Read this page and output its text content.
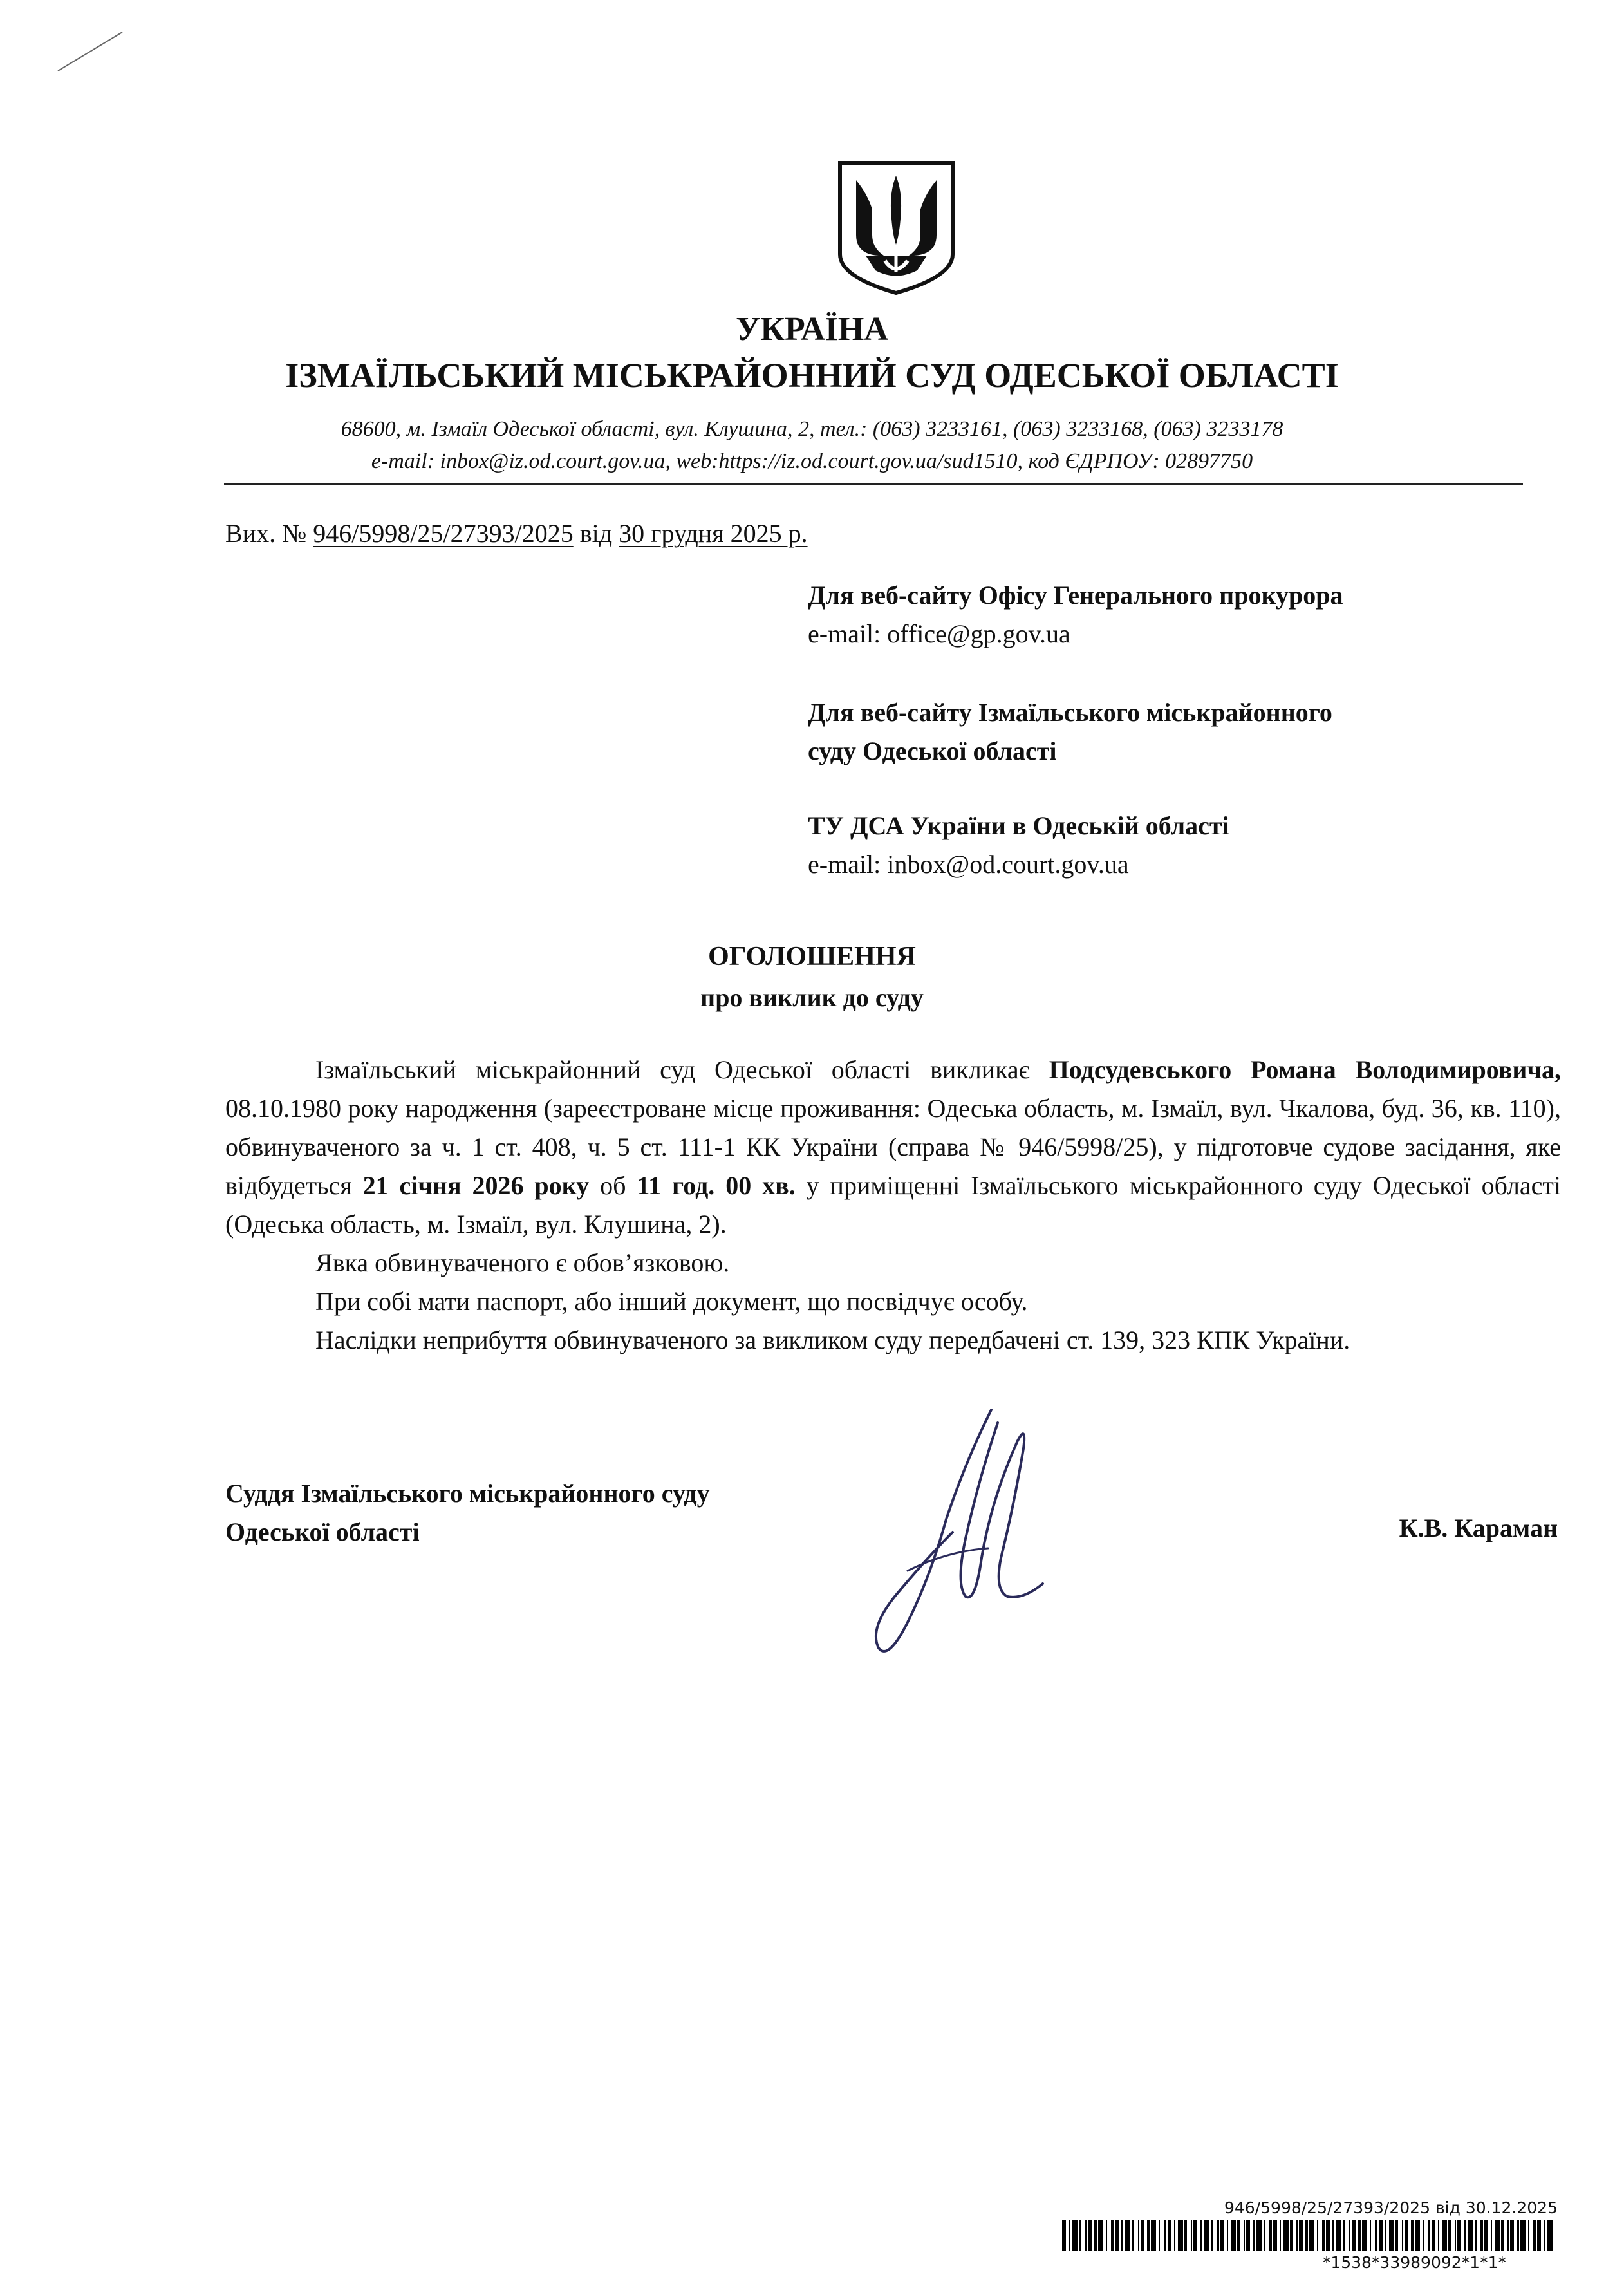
УКРАЇНА
ІЗМАЇЛЬСЬКИЙ МІСЬКРАЙОННИЙ СУД ОДЕСЬКОЇ ОБЛАСТІ
68600, м. Ізмаїл Одеської області, вул. Клушина, 2, тел.: (063) 3233161, (063) 3233168, (063) 3233178
e-mail: inbox@iz.od.court.gov.ua, web:https://iz.od.court.gov.ua/sud1510, код ЄДРПОУ: 02897750
Вих. № 946/5998/25/27393/2025 від 30 грудня 2025 р.
Для веб-сайту Офісу Генерального прокурора
e-mail: office@gp.gov.ua
Для веб-сайту Ізмаїльського міськрайонного
суду Одеської області
ТУ ДСА України в Одеській області
e-mail: inbox@od.court.gov.ua
ОГОЛОШЕННЯ
про виклик до суду

Ізмаїльський міськрайонний суд Одеської області викликає Подсудевського Романа Володимировича, 08.10.1980 року народження (зареєстроване місце проживання: Одеська область, м. Ізмаїл, вул. Чкалова, буд. 36, кв. 110), обвинуваченого за ч. 1 ст. 408, ч. 5 ст. 111-1 КК України (справа № 946/5998/25), у підготовче судове засідання, яке відбудеться 21 січня 2026 року об 11 год. 00 хв. у приміщенні Ізмаїльського міськрайонного суду Одеської області (Одеська область, м. Ізмаїл, вул. Клушина, 2).

Явка обвинуваченого є обов’язковою.

При собі мати паспорт, або інший документ, що посвідчує особу.

Наслідки неприбуття обвинуваченого за викликом суду передбачені ст. 139, 323 КПК України.

Суддя Ізмаїльського міськрайонного суду
Одеської області	К.В. Караман
946/5998/25/27393/2025 від 30.12.2025
*1538*33989092*1*1*
